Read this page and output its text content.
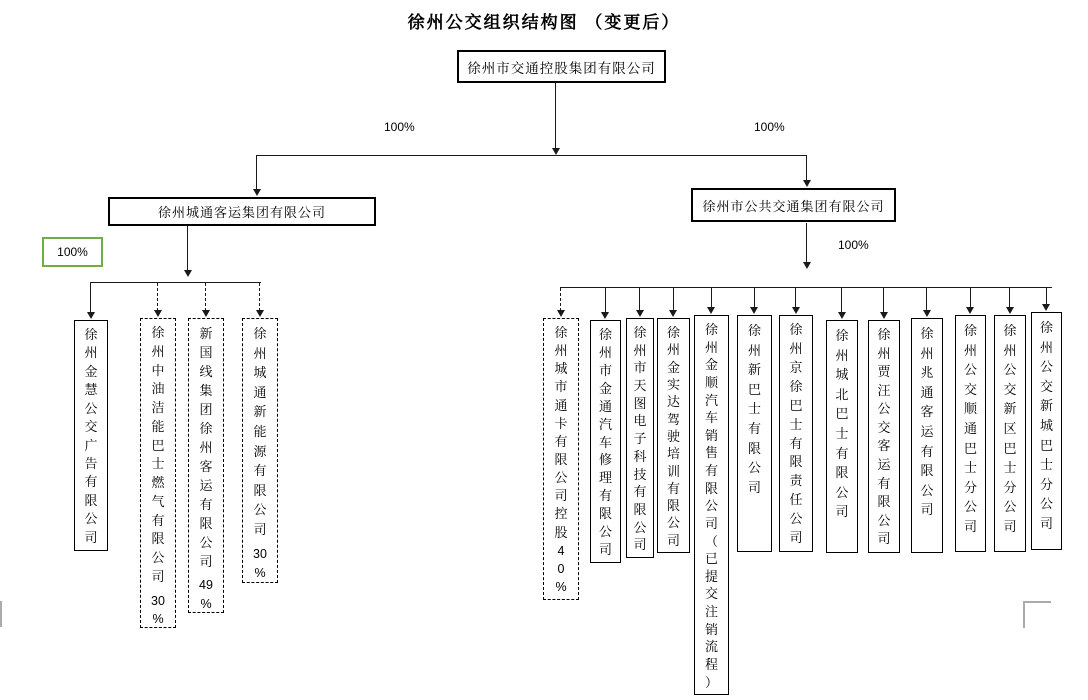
徐州公交组织结构图 （变更后）
徐州市交通控股集团有限公司
100%	100%
徐州城通客运集团有限公司	徐州市公共交通集团有限公司
100%	100%
徐
州
金
慧
公
交
广
告
有
限
公
司
徐
州
中
油
洁
能
巴
士
燃
气
有
限
公
司
30
%
新
国
线
集
团
徐
州
客
运
有
限
公
司
49
%
徐
州
城
通
新
能
源
有
限
公
司
30
%
徐
州
城
市
通
卡
有
限
公
司
控
股
4
0
%
徐
州
市
金
通
汽
车
修
理
有
限
公
司
徐
州
市
天
图
电
子
科
技
有
限
公
司
徐
州
金
实
达
驾
驶
培
训
有
限
公
司
徐
州
金
顺
汽
车
销
售
有
限
公
司
（
已
提
交
注
销
流
程
）
徐
州
新
巴
士
有
限
公
司
徐
州
京
徐
巴
士
有
限
责
任
公
司
徐
州
城
北
巴
士
有
限
公
司
徐
州
贾
汪
公
交
客
运
有
限
公
司
徐
州
兆
通
客
运
有
限
公
司
徐
州
公
交
顺
通
巴
士
分
公
司
徐
州
公
交
新
区
巴
士
分
公
司
徐
州
公
交
新
城
巴
士
分
公
司
